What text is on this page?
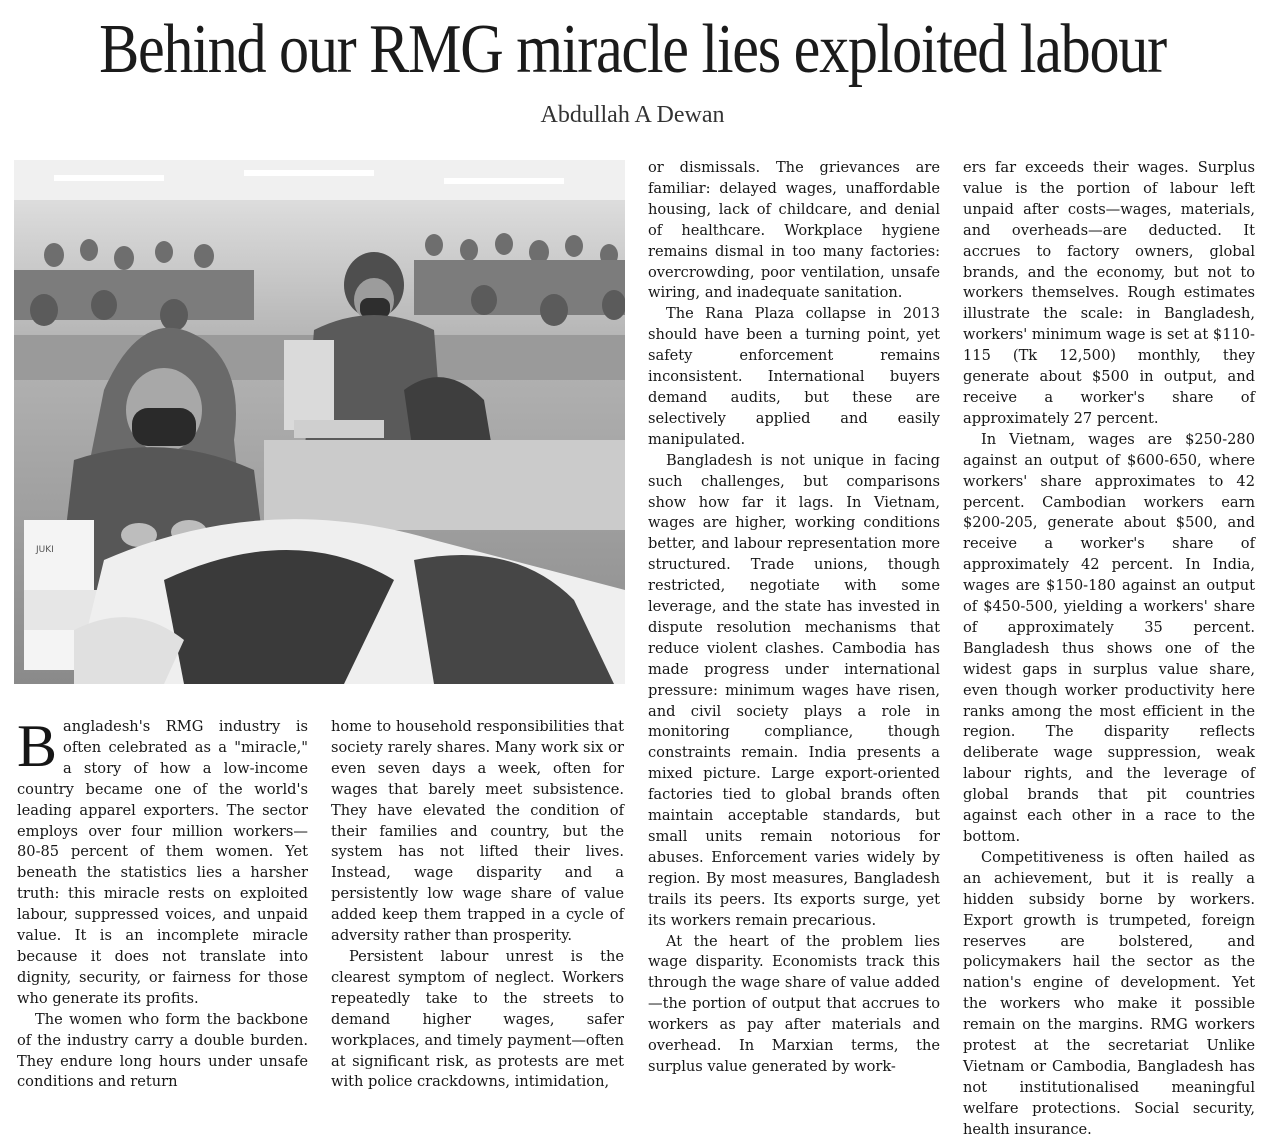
Behind our RMG miracle lies exploited labour
Abdullah A Dewan
JUKI

Bangladesh's RMG industry is often celebrated as a "miracle," a story of how a low-income country became one of the world's leading apparel exporters. The sector employs over four million workers—80-85 percent of them women. Yet beneath the statistics lies a harsher truth: this miracle rests on exploited labour, suppressed voices, and unpaid value. It is an incomplete miracle because it does not translate into dignity, security, or fairness for those who generate its profits.

The women who form the backbone of the industry carry a double burden. They endure long hours under unsafe conditions and return

home to household responsibilities that society rarely shares. Many work six or even seven days a week, often for wages that barely meet subsistence. They have elevated the condition of their families and country, but the system has not lifted their lives. Instead, wage disparity and a persistently low wage share of value added keep them trapped in a cycle of adversity rather than prosperity.

Persistent labour unrest is the clearest symptom of neglect. Workers repeatedly take to the streets to demand higher wages, safer workplaces, and timely payment—often at significant risk, as protests are met with police crackdowns, intimidation,

or dismissals. The grievances are familiar: delayed wages, unaffordable housing, lack of childcare, and denial of healthcare. Workplace hygiene remains dismal in too many factories: overcrowding, poor ventilation, unsafe wiring, and inadequate sanitation.

The Rana Plaza collapse in 2013 should have been a turning point, yet safety enforcement remains inconsistent. International buyers demand audits, but these are selectively applied and easily manipulated.

Bangladesh is not unique in facing such challenges, but comparisons show how far it lags. In Vietnam, wages are higher, working conditions better, and labour representation more structured. Trade unions, though restricted, negotiate with some leverage, and the state has invested in dispute resolution mechanisms that reduce violent clashes. Cambodia has made progress under international pressure: minimum wages have risen, and civil society plays a role in monitoring compliance, though constraints remain. India presents a mixed picture. Large export-oriented factories tied to global brands often maintain acceptable standards, but small units remain notorious for abuses. Enforcement varies widely by region. By most measures, Bangladesh trails its peers. Its exports surge, yet its workers remain precarious.

At the heart of the problem lies wage disparity. Economists track this through the wage share of value added—the portion of output that accrues to workers as pay after materials and overhead. In Marxian terms, the surplus value generated by work-

ers far exceeds their wages. Surplus value is the portion of labour left unpaid after costs—wages, materials, and overheads—are deducted. It accrues to factory owners, global brands, and the economy, but not to workers themselves. Rough estimates illustrate the scale: in Bangladesh, workers' minimum wage is set at $110-115 (Tk 12,500) monthly, they generate about $500 in output, and receive a worker's share of approximately 27 percent.

In Vietnam, wages are $250-280 against an output of $600-650, where workers' share approximates to 42 percent. Cambodian workers earn $200-205, generate about $500, and receive a worker's share of approximately 42 percent. In India, wages are $150-180 against an output of $450-500, yielding a workers' share of approximately 35 percent. Bangladesh thus shows one of the widest gaps in surplus value share, even though worker productivity here ranks among the most efficient in the region. The disparity reflects deliberate wage suppression, weak labour rights, and the leverage of global brands that pit countries against each other in a race to the bottom.

Competitiveness is often hailed as an achievement, but it is really a hidden subsidy borne by workers. Export growth is trumpeted, foreign reserves are bolstered, and policymakers hail the sector as the nation's engine of development. Yet the workers who make it possible remain on the margins. RMG workers protest at the secretariat Unlike Vietnam or Cambodia, Bangladesh has not institutionalised meaningful welfare protections. Social security, health insurance.
